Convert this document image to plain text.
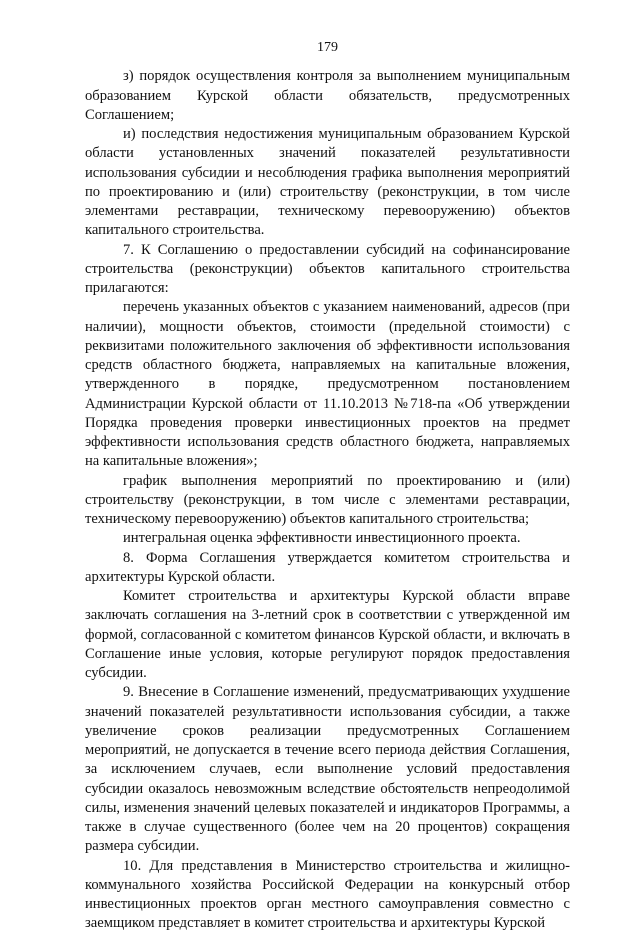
179

з) порядок осуществления контроля за выполнением муниципальным образованием Курской области обязательств, предусмотренных Соглашением;

и) последствия недостижения муниципальным образованием Курской области установленных значений показателей результативности использования субсидии и несоблюдения графика выполнения мероприятий по проектированию и (или) строительству (реконструкции, в том числе элементами реставрации, техническому перевооружению) объектов капитального строительства.

7. К Соглашению о предоставлении субсидий на софинансирование строительства (реконструкции) объектов капитального строительства прилагаются:

перечень указанных объектов с указанием наименований, адресов (при наличии), мощности объектов, стоимости (предельной стоимости) с реквизитами положительного заключения об эффективности использования средств областного бюджета, направляемых на капитальные вложения, утвержденного в порядке, предусмотренном постановлением Администрации Курской области от 11.10.2013 №718-па «Об утверждении Порядка проведения проверки инвестиционных проектов на предмет эффективности использования средств областного бюджета, направляемых на капитальные вложения»;

график выполнения мероприятий по проектированию и (или) строительству (реконструкции, в том числе с элементами реставрации, техническому перевооружению) объектов капитального строительства;

интегральная оценка эффективности инвестиционного проекта.

8. Форма Соглашения утверждается комитетом строительства и архитектуры Курской области.

Комитет строительства и архитектуры Курской области вправе заключать соглашения на 3-летний срок в соответствии с утвержденной им формой, согласованной с комитетом финансов Курской области, и включать в Соглашение иные условия, которые регулируют порядок предоставления субсидии.

9. Внесение в Соглашение изменений, предусматривающих ухудшение значений показателей результативности использования субсидии, а также увеличение сроков реализации предусмотренных Соглашением мероприятий, не допускается в течение всего периода действия Соглашения, за исключением случаев, если выполнение условий предоставления субсидии оказалось невозможным вследствие обстоятельств непреодолимой силы, изменения значений целевых показателей и индикаторов Программы, а также в случае существенного (более чем на 20 процентов) сокращения размера субсидии.

10. Для представления в Министерство строительства и жилищно-коммунального хозяйства Российской Федерации на конкурсный отбор инвестиционных проектов орган местного самоуправления совместно с заемщиком представляет в комитет строительства и архитектуры Курской
